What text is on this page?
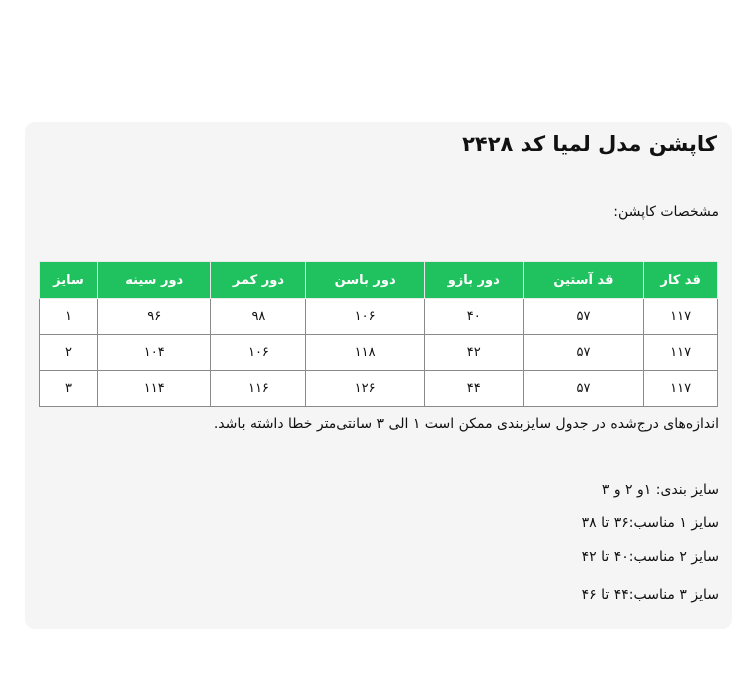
کاپشن مدل لمیا کد ۲۴۲۸
مشخصات کاپشن:
قد کار	قد آستین	دور بازو	دور باسن	دور کمر	دور سینه	سایز
۱۱۷	۵۷	۴۰	۱۰۶	۹۸	۹۶	۱
۱۱۷	۵۷	۴۲	۱۱۸	۱۰۶	۱۰۴	۲
۱۱۷	۵۷	۴۴	۱۲۶	۱۱۶	۱۱۴	۳
اندازه‌های درج‌شده در جدول سایزبندی ممکن است ۱ الی ۳ سانتی‌متر خطا داشته باشد.
سایز بندی: ۱و ۲ و ۳
سایز ۱ مناسب:۳۶ تا ۳۸
سایز ۲ مناسب:۴۰ تا ۴۲
سایز ۳ مناسب:۴۴ تا ۴۶
